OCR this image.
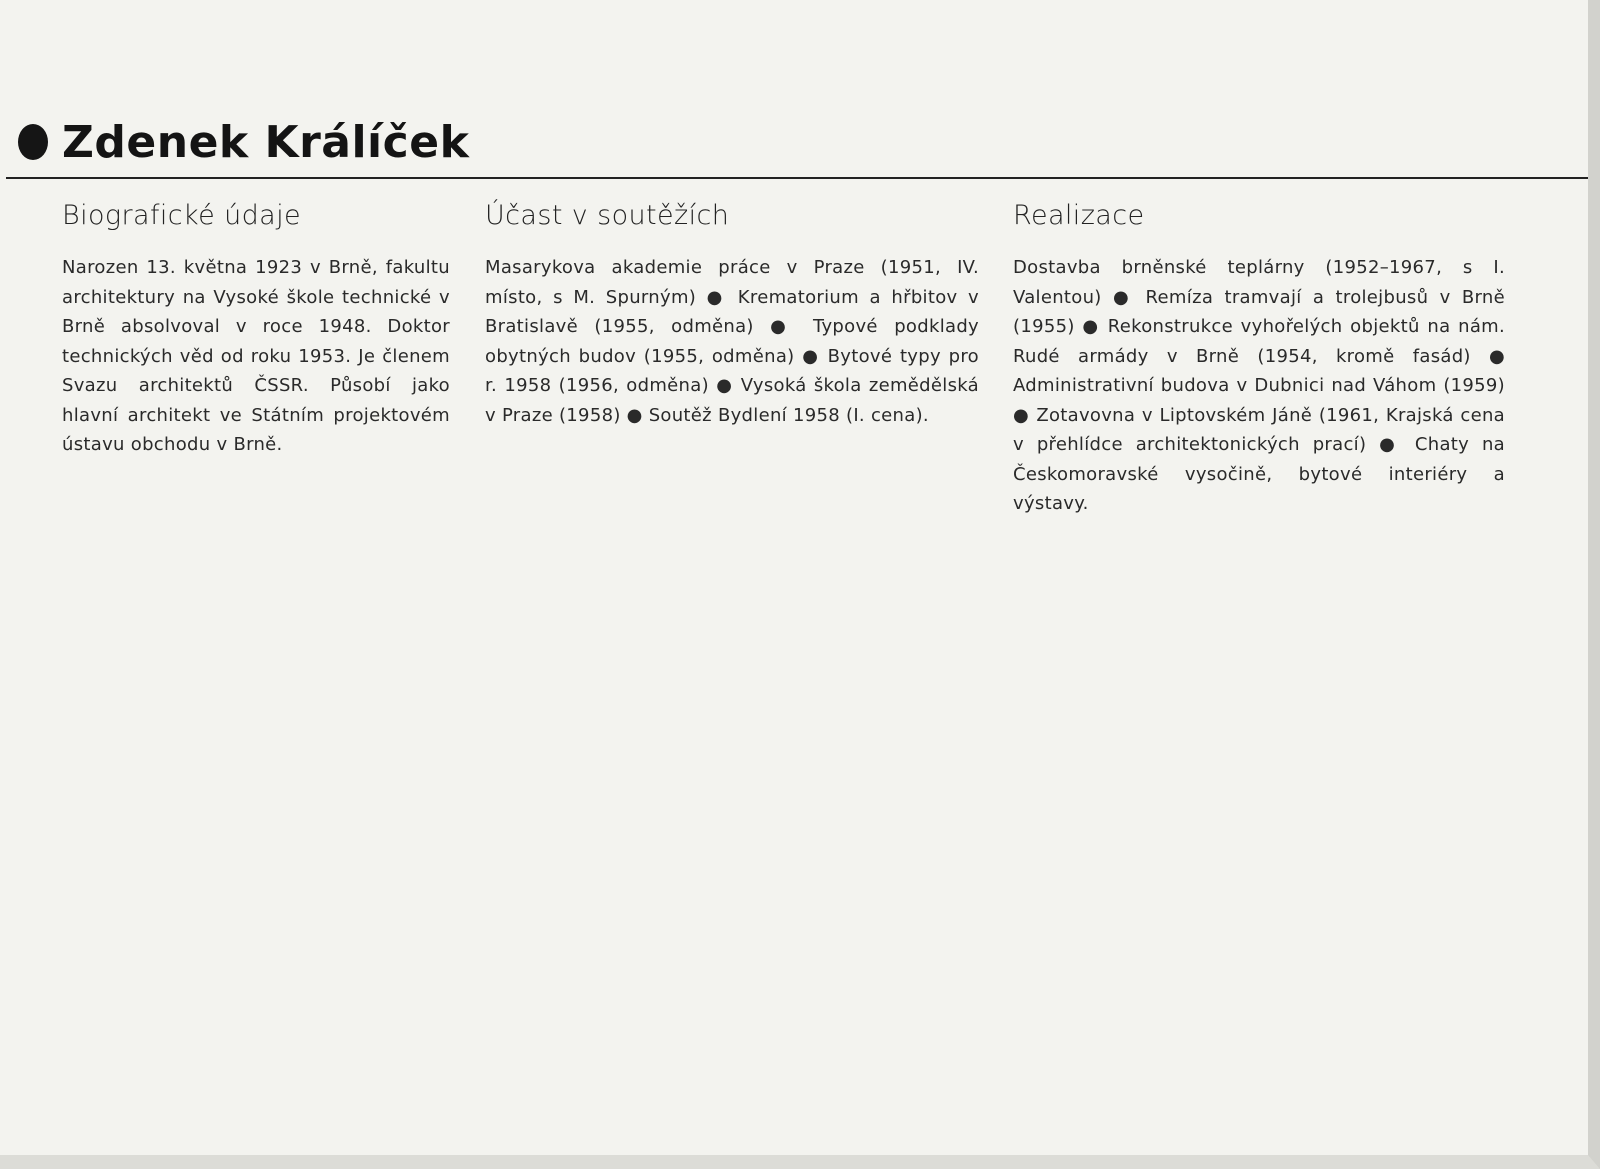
Zdenek Králíček
Biografické údaje

Narozen 13. května 1923 v Brně, fakultu architektury na Vysoké škole technické v Brně absolvoval v roce 1948. Doktor technických věd od roku 1953. Je členem Svazu architektů ČSSR. Působí jako hlavní architekt ve Státním projektovém ústavu obchodu v Brně.

Účast v soutěžích

Masarykova akademie práce v Praze (1951, IV. místo, s M. Spurným) ● Krematorium a hřbitov v Bratislavě (1955, odměna) ● Typové podklady obytných budov (1955, odměna) ● Bytové typy pro r. 1958 (1956, odměna) ● Vysoká škola zemědělská v Praze (1958) ● Soutěž Bydlení 1958 (I. cena).

Realizace

Dostavba brněnské teplárny (1952–1967, s I. Valentou) ● Remíza tramvají a trolejbusů v Brně (1955) ● Rekonstrukce vyhořelých objektů na nám. Rudé armády v Brně (1954, kromě fasád) ● Administrativní budova v Dubnici nad Váhom (1959) ● Zotavovna v Liptovském Jáně (1961, Krajská cena v přehlídce architektonických prací) ● Chaty na Českomoravské vysočině, bytové interiéry a výstavy.
